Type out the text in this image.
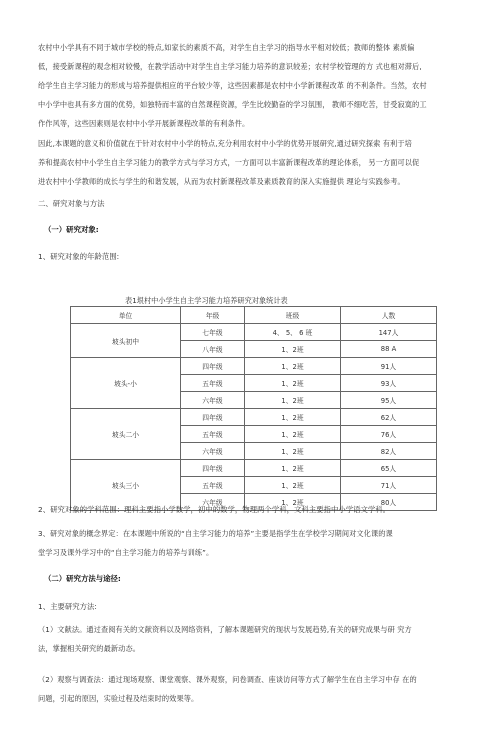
农村中小学具有不同于城市学校的特点,如家长的素质不高，对学生自主学习的指导水平相对较低；教师的整体 素质偏
低，接受新课程的观念相对较慢，在教学活动中对学生自主学习能力培养的意识较差；农村学校管理的方 式也相对滞后,
给学生自主学习能力的形成与培养提供相应的平台较少等，这些因素都是农村中小学新课程改革 的不利条件。当然，农村
中小学中也具有多方面的优势，如独特而丰富的自然课程资源，学生比较勤奋的学习氛围， 教师不细吃苦，甘受寂寞的工
作作风等，这些因素则是农村中小学开展新课程改革的有利条件。
因此,本课题的意义和价值就在于针对农村中小学的特点,充分利用农村中小学的优势开展研究,通过研究探索 有利于培
养和提高农村中小学生自主学习能力的教学方式与学习方式，一方面可以丰富新课程改革的理论体系， 另一方面可以促
进农村中小学教师的成长与学生的和谐发展，从而为农村新课程改革及素质教育的深入实施提供 理论与实践参考。
二、研究对象与方法
（一）研究对象:
1、研究对象的年龄范围:
表1垠村中小学生自主学习能力培养研究对象统计表
单位	年级	班级	人数
坡头初中	七年级	4、 5、 6 班	147人
	八年级	1、2班	88 A
坡头-小	四年级	1、2班	91人
	五年级	1、2班	93人
	六年级	1、2班	95人
坡头二小	四年级	1、2班	62人
	五年级	1、2班	76人
	六年级	1、2班	82人
坡头三小	四年级	1、2班	65人
	五年级	1、2班	71人
	六年级	1、2班	80人
2、研究对象的学科范围：理科主要指小学数学，初中的数学，物理两个学科，文科主要指中小学语文学科。
3、研究对象的概念界定：在本课题中所说的“自主学习能力的培养”主要是指学生在学校学习期间对文化课的课
堂学习及课外学习中的“自主学习能力的培养与训练”。
（二）研究方法与途径:
1、主要研究方法:
（1）文献法。通过查阅有关的文献资料以及网络资料，了解本课题研究的现状与发展趋势,有关的研究成果与研 究方
法，掌握相关研究的最新动态。
（2）观察与调查法：通过现场观察、课堂观察、课外观察，问卷调查、座谈访问等方式了解学生在自主学习中存 在的
问题，引起的原因，实验过程及结束时的效果等。
